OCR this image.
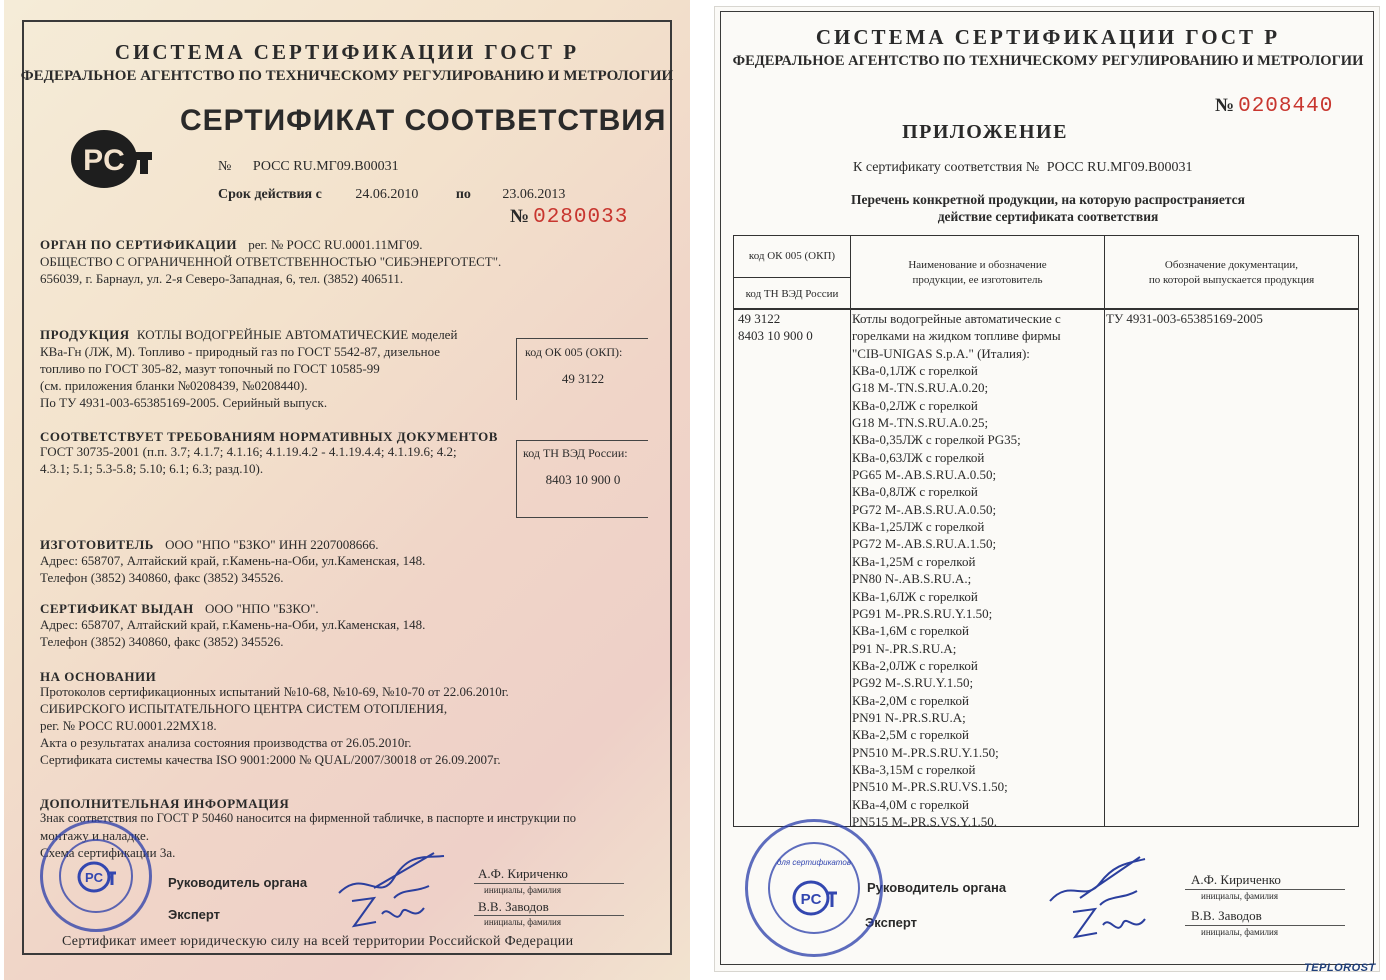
СИСТЕМА СЕРТИФИКАЦИИ ГОСТ Р
ФЕДЕРАЛЬНОЕ АГЕНТСТВО ПО ТЕХНИЧЕСКОМУ РЕГУЛИРОВАНИЮ И МЕТРОЛОГИИ
PC
СЕРТИФИКАТ СООТВЕТСТВИЯ
№ РОСС RU.МГ09.В00031
Срок действия с 24.06.2010	по 23.06.2013
№ 0280033
ОРГАН ПО СЕРТИФИКАЦИИ рег. № РОСС RU.0001.11МГ09.
ОБЩЕСТВО С ОГРАНИЧЕННОЙ ОТВЕТСТВЕННОСТЬЮ "СИБЭНЕРГОТЕСТ".
656039, г. Барнаул, ул. 2-я Северо-Западная, 6, тел. (3852) 406511.
ПРОДУКЦИЯ КОТЛЫ ВОДОГРЕЙНЫЕ АВТОМАТИЧЕСКИЕ моделей
КВа-Гн (ЛЖ, М). Топливо - природный газ по ГОСТ 5542-87, дизельное
топливо по ГОСТ 305-82, мазут топочный по ГОСТ 10585-99
(см. приложения бланки №0208439, №0208440).
По ТУ 4931-003-65385169-2005. Серийный выпуск.
код ОК 005 (ОКП):
49 3122
СООТВЕТСТВУЕТ ТРЕБОВАНИЯМ НОРМАТИВНЫХ ДОКУМЕНТОВ
ГОСТ 30735-2001 (п.п. 3.7; 4.1.7; 4.1.16; 4.1.19.4.2 - 4.1.19.4.4; 4.1.19.6; 4.2;
4.3.1; 5.1; 5.3-5.8; 5.10; 6.1; 6.3; разд.10).
код ТН ВЭД России:
8403 10 900 0
ИЗГОТОВИТЕЛЬ ООО "НПО "БЗКО" ИНН 2207008666.
Адрес: 658707, Алтайский край, г.Камень-на-Оби, ул.Каменская, 148.
Телефон (3852) 340860, факс (3852) 345526.
СЕРТИФИКАТ ВЫДАН ООО "НПО "БЗКО".
Адрес: 658707, Алтайский край, г.Камень-на-Оби, ул.Каменская, 148.
Телефон (3852) 340860, факс (3852) 345526.
НА ОСНОВАНИИ
Протоколов сертификационных испытаний №10-68, №10-69, №10-70 от 22.06.2010г.
СИБИРСКОГО ИСПЫТАТЕЛЬНОГО ЦЕНТРА СИСТЕМ ОТОПЛЕНИЯ,
рег. № РОСС RU.0001.22МХ18.
Акта о результатах анализа состояния производства от 26.05.2010г.
Сертификата системы качества ISO 9001:2000 № QUAL/2007/30018 от 26.09.2007г.
ДОПОЛНИТЕЛЬНАЯ ИНФОРМАЦИЯ
Знак соответствия по ГОСТ Р 50460 наносится на фирменной табличке, в паспорте и инструкции по
монтажу и наладке.
Схема сертификации 3а.
Руководитель органа
А.Ф. Кириченко
инициалы, фамилия
Эксперт
В.В. Заводов
инициалы, фамилия
PC
Сертификат имеет юридическую силу на всей территории Российской Федерации
СИСТЕМА СЕРТИФИКАЦИИ ГОСТ Р
ФЕДЕРАЛЬНОЕ АГЕНТСТВО ПО ТЕХНИЧЕСКОМУ РЕГУЛИРОВАНИЮ И МЕТРОЛОГИИ
№ 0208440
ПРИЛОЖЕНИЕ
К сертификату соответствия № РОСС RU.МГ09.В00031
Перечень конкретной продукции, на которую распространяется
действие сертификата соответствия
код ОК 005 (ОКП)
код ТН ВЭД России
Наименование и обозначение
продукции, ее изготовитель
Обозначение документации,
по которой выпускается продукция
49 3122
8403 10 900 0
Котлы водогрейные автоматические с
горелками на жидком топливе фирмы
"CIB-UNIGAS S.p.A." (Италия):
КВа-0,1ЛЖ с горелкой
G18 M-.TN.S.RU.A.0.20;
КВа-0,2ЛЖ с горелкой
G18 M-.TN.S.RU.A.0.25;
КВа-0,35ЛЖ с горелкой PG35;
КВа-0,63ЛЖ с горелкой
PG65 M-.AB.S.RU.A.0.50;
КВа-0,8ЛЖ с горелкой
PG72 M-.AB.S.RU.A.0.50;
КВа-1,25ЛЖ с горелкой
PG72 M-.AB.S.RU.A.1.50;
КВа-1,25М с горелкой
PN80 N-.AB.S.RU.A.;
КВа-1,6ЛЖ с горелкой
PG91 M-.PR.S.RU.Y.1.50;
КВа-1,6М с горелкой
P91 N-.PR.S.RU.A;
КВа-2,0ЛЖ с горелкой
PG92 M-.S.RU.Y.1.50;
КВа-2,0М с горелкой
PN91 N-.PR.S.RU.A;
КВа-2,5М с горелкой
PN510 M-.PR.S.RU.Y.1.50;
КВа-3,15М с горелкой
PN510 M-.PR.S.RU.VS.1.50;
КВа-4,0М с горелкой
PN515 M-.PR.S.VS.Y.1.50.
ТУ 4931-003-65385169-2005
Руководитель органа
А.Ф. Кириченко
инициалы, фамилия
Эксперт	В.В. Заводов
инициалы, фамилия
для сертификатов
PC
TEPLOROST
